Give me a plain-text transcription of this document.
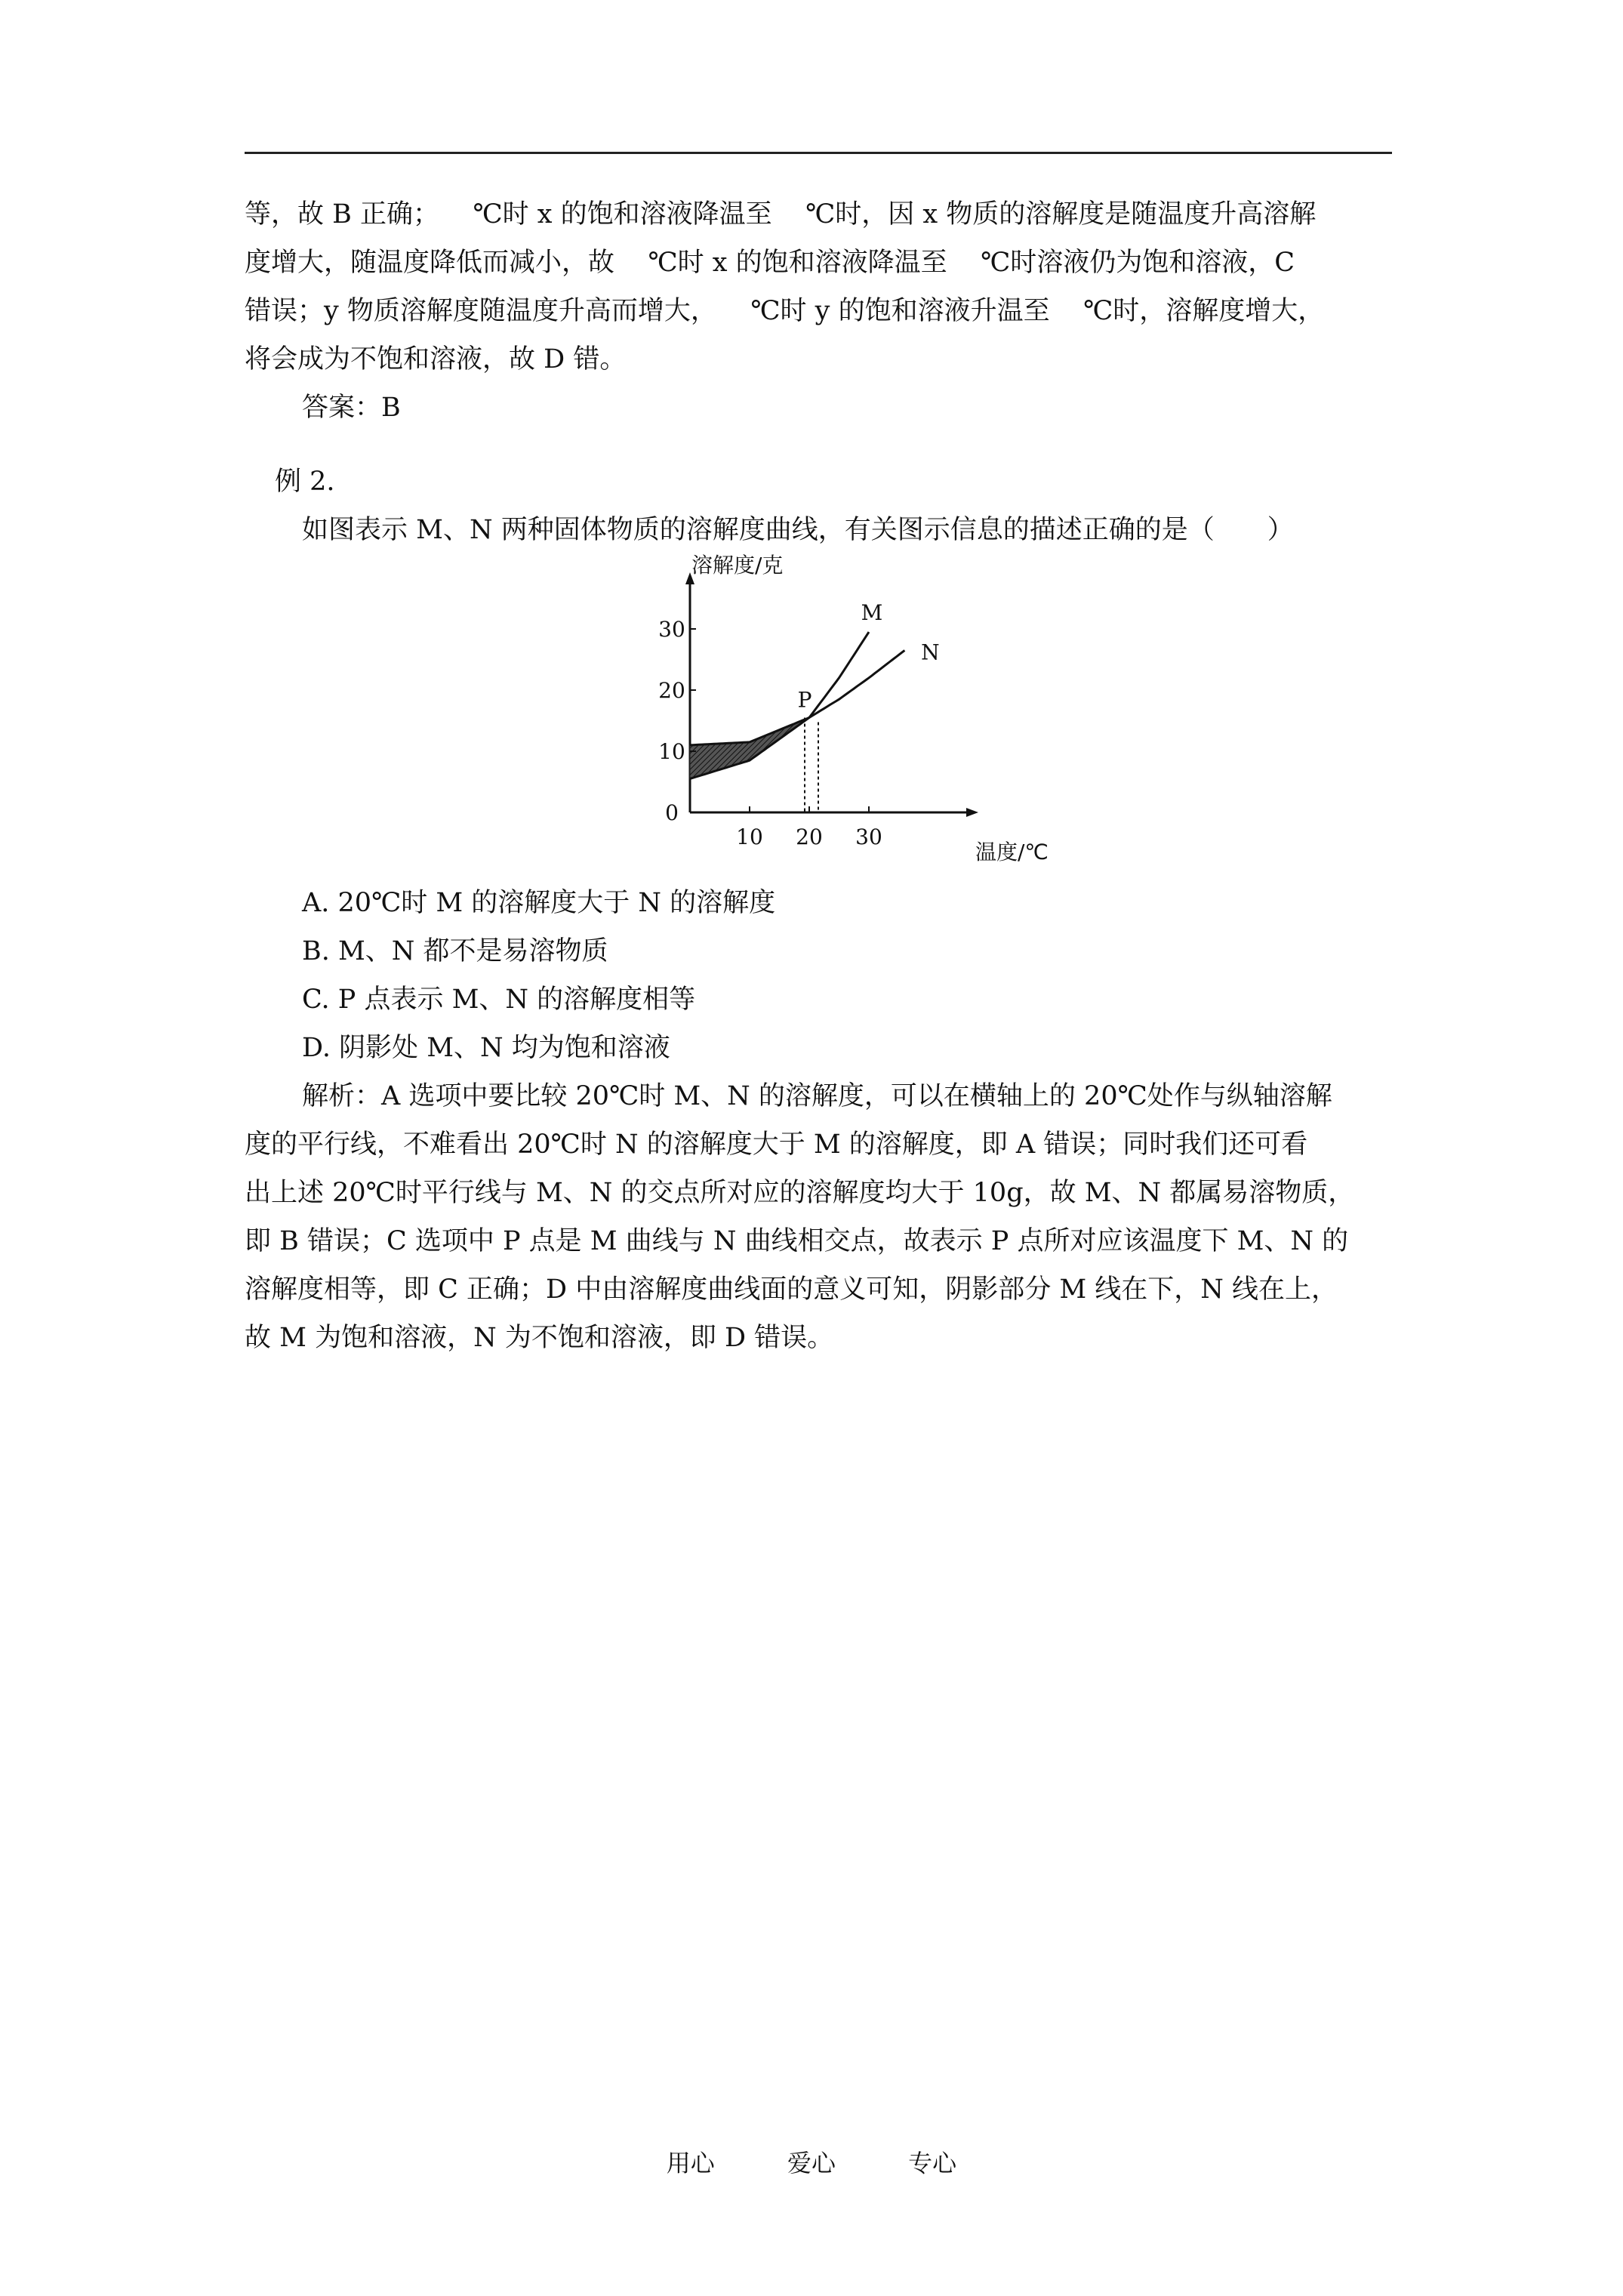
等，故 B 正确；    ℃时 x 的饱和溶液降温至    ℃时，因 x 物质的溶解度是随温度升高溶解

度增大，随温度降低而减小，故    ℃时 x 的饱和溶液降温至    ℃时溶液仍为饱和溶液，C

错误；y 物质溶解度随温度升高而增大，    ℃时 y 的饱和溶液升温至    ℃时，溶解度增大，

将会成为不饱和溶液，故 D 错。

答案：B

例 2.

如图表示 M、N 两种固体物质的溶解度曲线，有关图示信息的描述正确的是（　　）

M
N
P
0
10
20
30
10 20 30
溶解度/克
温度/℃

A. 20℃时 M 的溶解度大于 N 的溶解度

B. M、N 都不是易溶物质

C. P 点表示 M、N 的溶解度相等

D. 阴影处 M、N 均为饱和溶液

解析：A 选项中要比较 20℃时 M、N 的溶解度，可以在横轴上的 20℃处作与纵轴溶解

度的平行线，不难看出 20℃时 N 的溶解度大于 M 的溶解度，即 A 错误；同时我们还可看

出上述 20℃时平行线与 M、N 的交点所对应的溶解度均大于 10g，故 M、N 都属易溶物质，

即 B 错误；C 选项中 P 点是 M 曲线与 N 曲线相交点，故表示 P 点所对应该温度下 M、N 的

溶解度相等，即 C 正确；D 中由溶解度曲线面的意义可知，阴影部分 M 线在下，N 线在上，

故 M 为饱和溶液，N 为不饱和溶液，即 D 错误。

用心	爱心	专心
